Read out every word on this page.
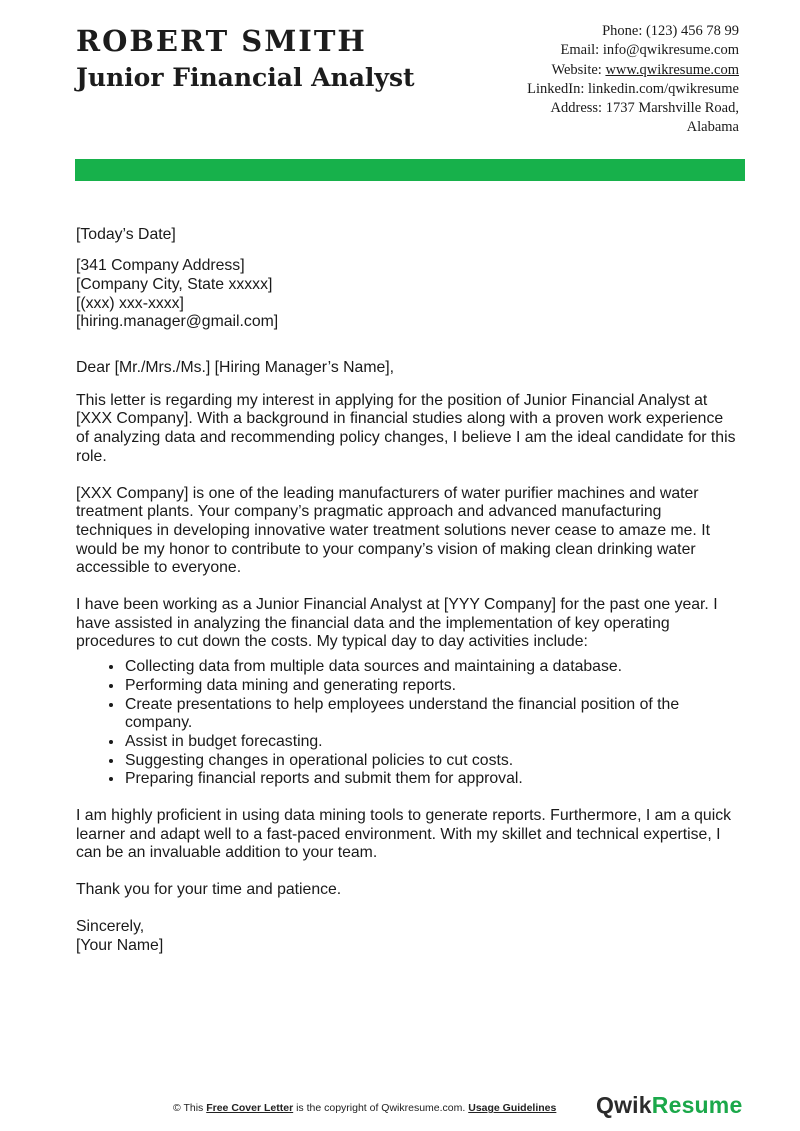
ROBERT SMITH
Junior Financial Analyst
Phone: (123) 456 78 99
Email: info@qwikresume.com
Website: www.qwikresume.com
LinkedIn: linkedin.com/qwikresume
Address: 1737 Marshville Road,
Alabama

[Today’s Date]

[341 Company Address]

[Company City, State xxxxx]

[(xxx) xxx-xxxx]

[hiring.manager@gmail.com]

Dear [Mr./Mrs./Ms.] [Hiring Manager’s Name],

This letter is regarding my interest in applying for the position of Junior Financial Analyst at [XXX Company]. With a background in financial studies along with a proven work experience of analyzing data and recommending policy changes, I believe I am the ideal candidate for this role.

[XXX Company] is one of the leading manufacturers of water purifier machines and water treatment plants. Your company’s pragmatic approach and advanced manufacturing techniques in developing innovative water treatment solutions never cease to amaze me. It would be my honor to contribute to your company’s vision of making clean drinking water accessible to everyone.

I have been working as a Junior Financial Analyst at [YYY Company] for the past one year. I have assisted in analyzing the financial data and the implementation of key operating procedures to cut down the costs. My typical day to day activities include:

• Collecting data from multiple data sources and maintaining a database.
• Performing data mining and generating reports.
• Create presentations to help employees understand the financial position of the company.
• Assist in budget forecasting.
• Suggesting changes in operational policies to cut costs.
• Preparing financial reports and submit them for approval.

I am highly proficient in using data mining tools to generate reports. Furthermore, I am a quick learner and adapt well to a fast-paced environment. With my skillet and technical expertise, I can be an invaluable addition to your team.

Thank you for your time and patience.

Sincerely,

[Your Name]

© This Free Cover Letter is the copyright of Qwikresume.com. Usage Guidelines QwikResume
